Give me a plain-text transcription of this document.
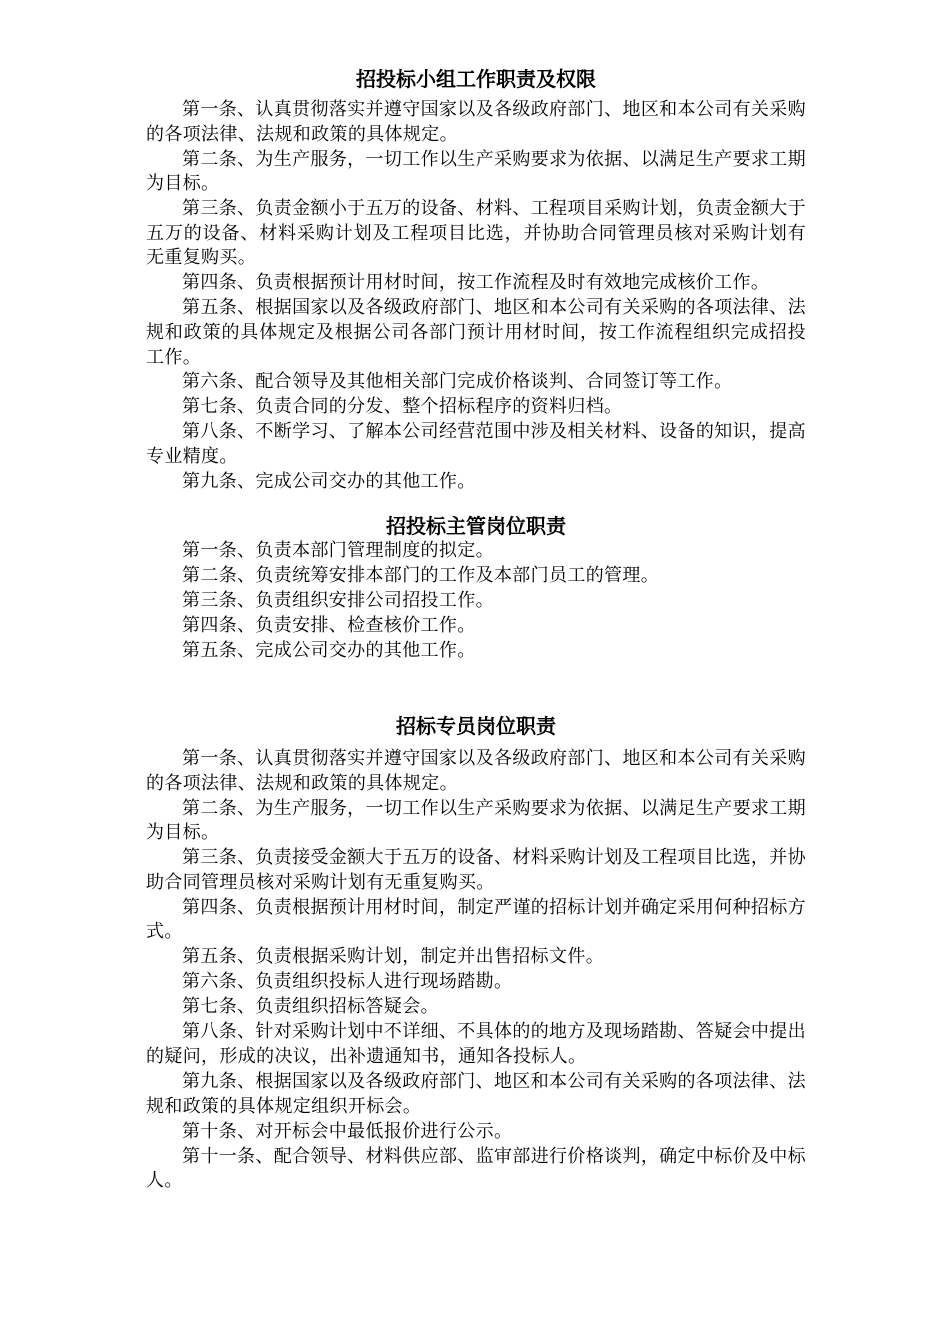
招投标小组工作职责及权限

第一条、认真贯彻落实并遵守国家以及各级政府部门、地区和本公司有关采购的各项法律、法规和政策的具体规定。

第二条、为生产服务，一切工作以生产采购要求为依据、以满足生产要求工期为目标。

第三条、负责金额小于五万的设备、材料、工程项目采购计划，负责金额大于五万的设备、材料采购计划及工程项目比选，并协助合同管理员核对采购计划有无重复购买。

第四条、负责根据预计用材时间，按工作流程及时有效地完成核价工作。

第五条、根据国家以及各级政府部门、地区和本公司有关采购的各项法律、法规和政策的具体规定及根据公司各部门预计用材时间，按工作流程组织完成招投工作。

第六条、配合领导及其他相关部门完成价格谈判、合同签订等工作。

第七条、负责合同的分发、整个招标程序的资料归档。

第八条、不断学习、了解本公司经营范围中涉及相关材料、设备的知识，提高专业精度。

第九条、完成公司交办的其他工作。

招投标主管岗位职责

第一条、负责本部门管理制度的拟定。

第二条、负责统筹安排本部门的工作及本部门员工的管理。

第三条、负责组织安排公司招投工作。

第四条、负责安排、检查核价工作。

第五条、完成公司交办的其他工作。

招标专员岗位职责

第一条、认真贯彻落实并遵守国家以及各级政府部门、地区和本公司有关采购的各项法律、法规和政策的具体规定。

第二条、为生产服务，一切工作以生产采购要求为依据、以满足生产要求工期为目标。

第三条、负责接受金额大于五万的设备、材料采购计划及工程项目比选，并协助合同管理员核对采购计划有无重复购买。

第四条、负责根据预计用材时间，制定严谨的招标计划并确定采用何种招标方式。

第五条、负责根据采购计划，制定并出售招标文件。

第六条、负责组织投标人进行现场踏勘。

第七条、负责组织招标答疑会。

第八条、针对采购计划中不详细、不具体的的地方及现场踏勘、答疑会中提出的疑问，形成的决议，出补遗通知书，通知各投标人。

第九条、根据国家以及各级政府部门、地区和本公司有关采购的各项法律、法规和政策的具体规定组织开标会。

第十条、对开标会中最低报价进行公示。

第十一条、配合领导、材料供应部、监审部进行价格谈判，确定中标价及中标人。
